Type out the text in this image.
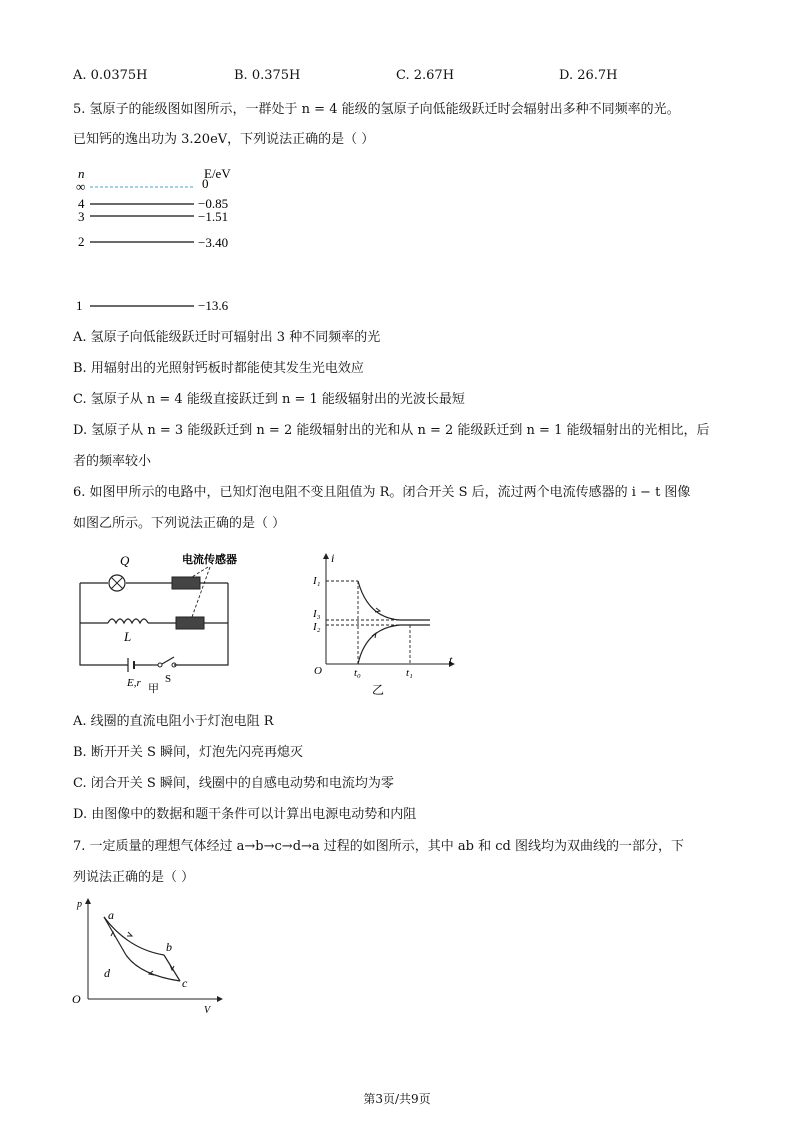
A. 0.0375H	B. 0.375H	C. 2.67H	D. 26.7H
5. 氢原子的能级图如图所示，一群处于 n = 4 能级的氢原子向低能级跃迁时会辐射出多种不同频率的光。
已知钙的逸出功为 3.20eV，下列说法正确的是（ ）
n	E/eV
∞	0
4	−0.85
3	−1.51
2	−3.40
1	−13.6
A. 氢原子向低能级跃迁时可辐射出 3 种不同频率的光
B. 用辐射出的光照射钙板时都能使其发生光电效应
C. 氢原子从 n = 4 能级直接跃迁到 n = 1 能级辐射出的光波长最短
D. 氢原子从 n = 3 能级跃迁到 n = 2 能级辐射出的光和从 n = 2 能级跃迁到 n = 1 能级辐射出的光相比，后
者的频率较小
6. 如图甲所示的电路中，已知灯泡电阻不变且阻值为 R。闭合开关 S 后，流过两个电流传感器的 i − t 图像
如图乙所示。下列说法正确的是（ ）
Q	电流传感器
L
E,r S
甲
i
t
O
I₁
I₃
I₂
t₀	t₁
乙
A. 线圈的直流电阻小于灯泡电阻 R
B. 断开开关 S 瞬间，灯泡先闪亮再熄灭
C. 闭合开关 S 瞬间，线圈中的自感电动势和电流均为零
D. 由图像中的数据和题干条件可以计算出电源电动势和内阻
7. 一定质量的理想气体经过 a→b→c→d→a 过程的如图所示，其中 ab 和 cd 图线均为双曲线的一部分，下
列说法正确的是（ ）
p
V
O
a
b
c
d
第3页/共9页
